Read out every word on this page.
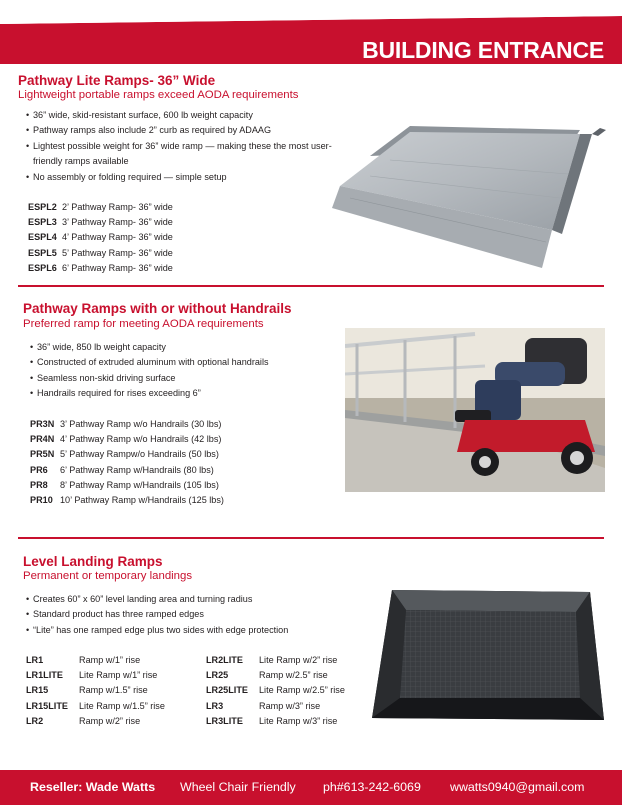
BUILDING ENTRANCE
Pathway Lite Ramps- 36” Wide
Lightweight portable ramps exceed AODA requirements
• 36” wide, skid-resistant surface, 600 lb weight capacity
• Pathway ramps also include 2” curb as required by ADAAG
• Lightest possible weight for 36” wide ramp — making these the most user-friendly ramps available
• No assembly or folding required — simple setup
ESPL2 2’ Pathway Ramp- 36” wide
ESPL3 3’ Pathway Ramp- 36” wide
ESPL4 4’ Pathway Ramp- 36” wide
ESPL5 5’ Pathway Ramp- 36” wide
ESPL6 6’ Pathway Ramp- 36” wide
Pathway Ramps with or without Handrails
Preferred ramp for meeting AODA requirements
• 36” wide, 850 lb weight capacity
• Constructed of extruded aluminum with optional handrails
• Seamless non-skid driving surface
• Handrails required for rises exceeding 6”
PR3N 3’ Pathway Ramp w/o Handrails (30 lbs)
PR4N 4’ Pathway Ramp w/o Handrails (42 lbs)
PR5N 5’ Pathway Rampw/o Handrails (50 lbs)
PR6	6’ Pathway Ramp w/Handrails (80 lbs)
PR8	8’ Pathway Ramp w/Handrails (105 lbs)
PR10 10’ Pathway Ramp w/Handrails (125 lbs)
Level Landing Ramps
Permanent or temporary landings
• Creates 60” x 60” level landing area and turning radius
• Standard product has three ramped edges
• “Lite” has one ramped edge plus two sides with edge protection
LR1	Ramp w/1” rise
LR1LITE	Lite Ramp w/1” rise
LR15	Ramp w/1.5” rise
LR15LITE	Lite Ramp w/1.5” rise
LR2	Ramp w/2” rise
LR2LITE	Lite Ramp w/2” rise
LR25	Ramp w/2.5” rise
LR25LITE	Lite Ramp w/2.5” rise
LR3	Ramp w/3” rise
LR3LITE	Lite Ramp w/3” rise
Reseller: Wade Watts Wheel Chair Friendly ph#613-242-6069 wwatts0940@gmail.com
